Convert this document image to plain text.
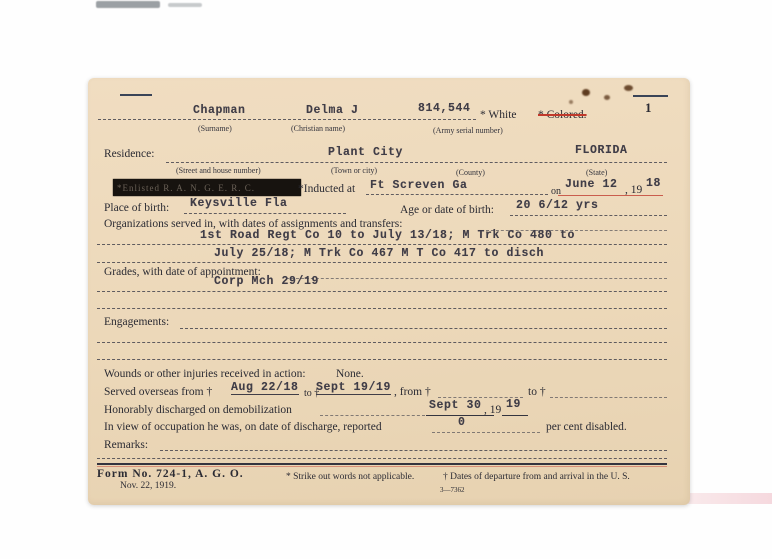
1
Chapman	Delma J	814,544 * White * Colored.
(Surname)	(Christian name)	(Army serial number)
Residence:	Plant City	FLORIDA
(Street and house number)	(Town or city)	(County)	(State)
*Enlisted R. A. N. G. E. R. C.	*Inducted at Ft Screven Ga	on
June 12 , 19 18
Place of birth: Keysville Fla	Age or date of birth: 20 6/12 yrs
Organizations served in, with dates of assignments and transfers:
1st Road Regt Co 10 to July 13/18; M Trk Co 480 to
July 25/18; M Trk Co 467 M T Co 417 to disch
Grades, with date of appointment:
Corp Mch 29/19
Engagements:
Wounds or other injuries received in action:	None.
Served overseas from † Aug 22/18 to †
Sept 19/19 , from †	to †
Honorably discharged on demobilization	Sept 30 , 19 19
In view of occupation he was, on date of discharge, reported	0	per cent disabled.
Remarks:
Form No. 724-1, A. G. O.
Nov. 22, 1919.
* Strike out words not applicable.	† Dates of departure from and arrival in the U. S.
3—7362
